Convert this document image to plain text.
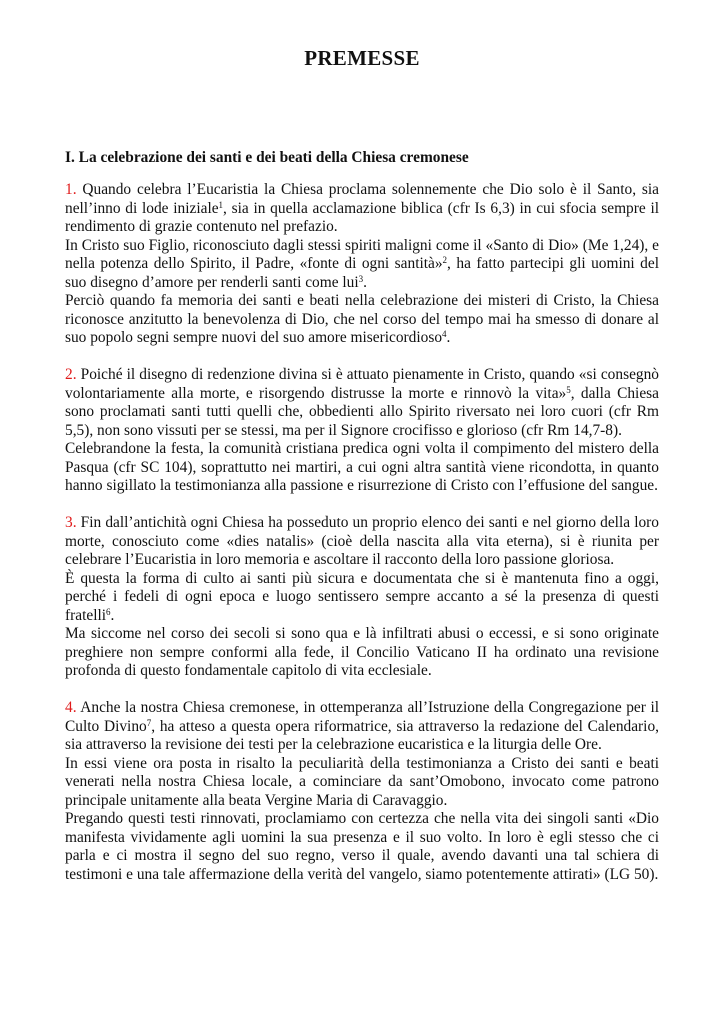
PREMESSE
I. La celebrazione dei santi e dei beati della Chiesa cremonese

1. Quando celebra l’Eucaristia la Chiesa proclama solennemente che Dio solo è il Santo, sia nell’inno di lode iniziale$^1$, sia in quella acclamazione biblica (cfr Is 6,3) in cui sfocia sempre il rendimento di grazie contenuto nel prefazio.

In Cristo suo Figlio, riconosciuto dagli stessi spiriti maligni come il «Santo di Dio» (Me 1,24), e nella potenza dello Spirito, il Padre, «fonte di ogni santità»$^2$, ha fatto partecipi gli uomini del suo disegno d’amore per renderli santi come lui$^3$.

Perciò quando fa memoria dei santi e beati nella celebrazione dei misteri di Cristo, la Chiesa riconosce anzitutto la benevolenza di Dio, che nel corso del tempo mai ha smesso di donare al suo popolo segni sempre nuovi del suo amore misericordioso$^4$.

2. Poiché il disegno di redenzione divina si è attuato pienamente in Cristo, quando «si consegnò volontariamente alla morte, e risorgendo distrusse la morte e rinnovò la vita»$^5$, dalla Chiesa sono proclamati santi tutti quelli che, obbedienti allo Spirito riversato nei loro cuori (cfr Rm 5,5), non sono vissuti per se stessi, ma per il Signore crocifisso e glorioso (cfr Rm 14,7-8).

Celebrandone la festa, la comunità cristiana predica ogni volta il compimento del mistero della Pasqua (cfr SC 104), soprattutto nei martiri, a cui ogni altra santità viene ricondotta, in quanto hanno sigillato la testimonianza alla passione e risurrezione di Cristo con l’effusione del sangue.

3. Fin dall’antichità ogni Chiesa ha posseduto un proprio elenco dei santi e nel giorno della loro morte, conosciuto come «dies natalis» (cioè della nascita alla vita eterna), si è riunita per celebrare l’Eucaristia in loro memoria e ascoltare il racconto della loro passione gloriosa.

È questa la forma di culto ai santi più sicura e documentata che si è mantenuta fino a oggi, perché i fedeli di ogni epoca e luogo sentissero sempre accanto a sé la presenza di questi fratelli$^6$.

Ma siccome nel corso dei secoli si sono qua e là infiltrati abusi o eccessi, e si sono originate preghiere non sempre conformi alla fede, il Concilio Vaticano II ha ordinato una revisione profonda di questo fondamentale capitolo di vita ecclesiale.

4. Anche la nostra Chiesa cremonese, in ottemperanza all’Istruzione della Congregazione per il Culto Divino$^7$, ha atteso a questa opera riformatrice, sia attraverso la redazione del Calendario, sia attraverso la revisione dei testi per la celebrazione eucaristica e la liturgia delle Ore.

In essi viene ora posta in risalto la peculiarità della testimonianza a Cristo dei santi e beati venerati nella nostra Chiesa locale, a cominciare da sant’Omobono, invocato come patrono principale unitamente alla beata Vergine Maria di Caravaggio.

Pregando questi testi rinnovati, proclamiamo con certezza che nella vita dei singoli santi «Dio manifesta vividamente agli uomini la sua presenza e il suo volto. In loro è egli stesso che ci parla e ci mostra il segno del suo regno, verso il quale, avendo davanti una tal schiera di testimoni e una tale affermazione della verità del vangelo, siamo potentemente attirati» (LG 50).
